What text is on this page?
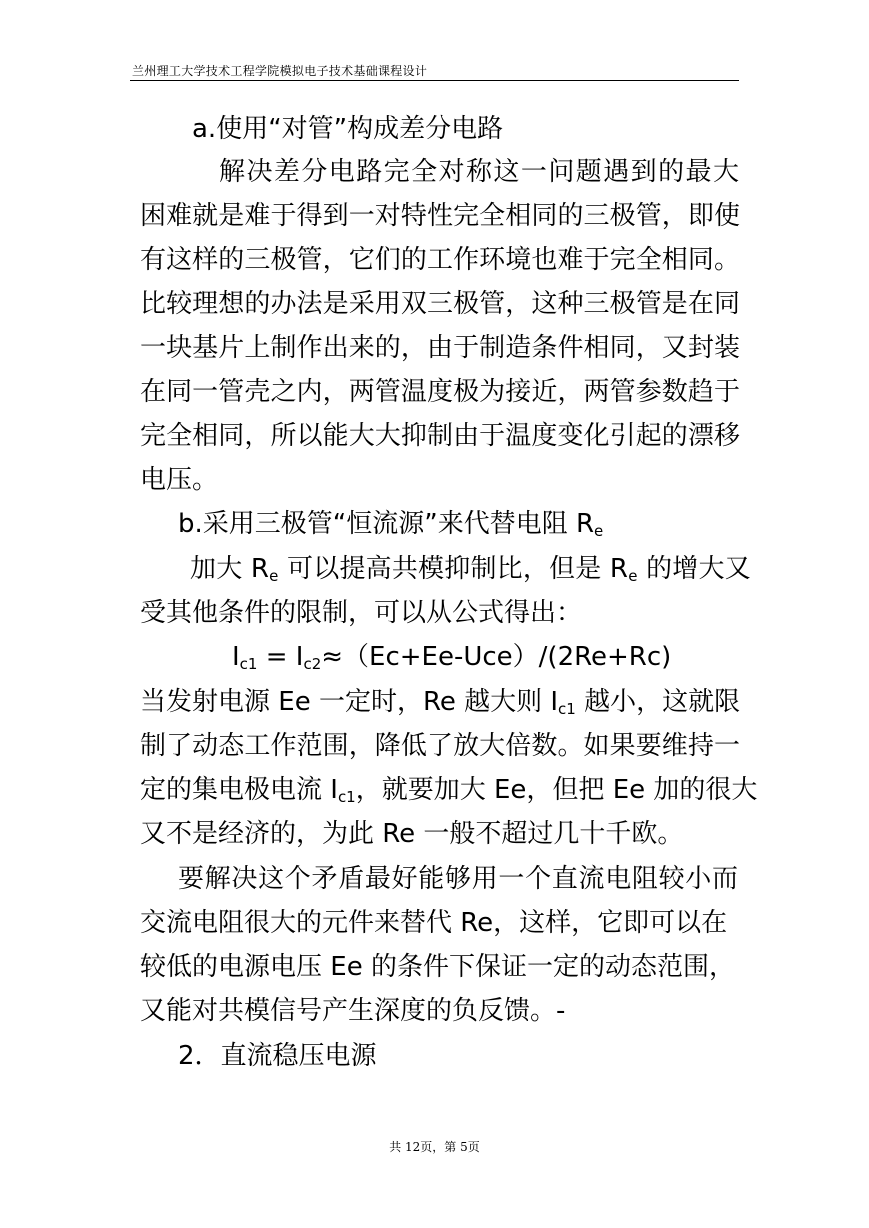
兰州理工大学技术工程学院模拟电子技术基础课程设计
a.使用“对管”构成差分电路
解决差分电路完全对称这一问题遇到的最大
困难就是难于得到一对特性完全相同的三极管，即使
有这样的三极管，它们的工作环境也难于完全相同。
比较理想的办法是采用双三极管，这种三极管是在同
一块基片上制作出来的，由于制造条件相同，又封装
在同一管壳之内，两管温度极为接近，两管参数趋于
完全相同，所以能大大抑制由于温度变化引起的漂移
电压。
b.采用三极管“恒流源”来代替电阻 $R_e$
加大 $R_e$ 可以提高共模抑制比，但是 $R_e$ 的增大又
受其他条件的限制，可以从公式得出：
$I_{c1} = I_{c2}\approx(Ec+Ee-Uce)/(2Re+Rc)$
当发射电源 Ee 一定时，Re 越大则 $I_{c1}$ 越小，这就限
制了动态工作范围，降低了放大倍数。如果要维持一
定的集电极电流 $I_{c1}$，就要加大 Ee，但把 Ee 加的很大
又不是经济的，为此 Re 一般不超过几十千欧。
要解决这个矛盾最好能够用一个直流电阻较小而
交流电阻很大的元件来替代 Re，这样，它即可以在
较低的电源电压 Ee 的条件下保证一定的动态范围，
又能对共模信号产生深度的负反馈。-
2．直流稳压电源
共 12页，第 5页
